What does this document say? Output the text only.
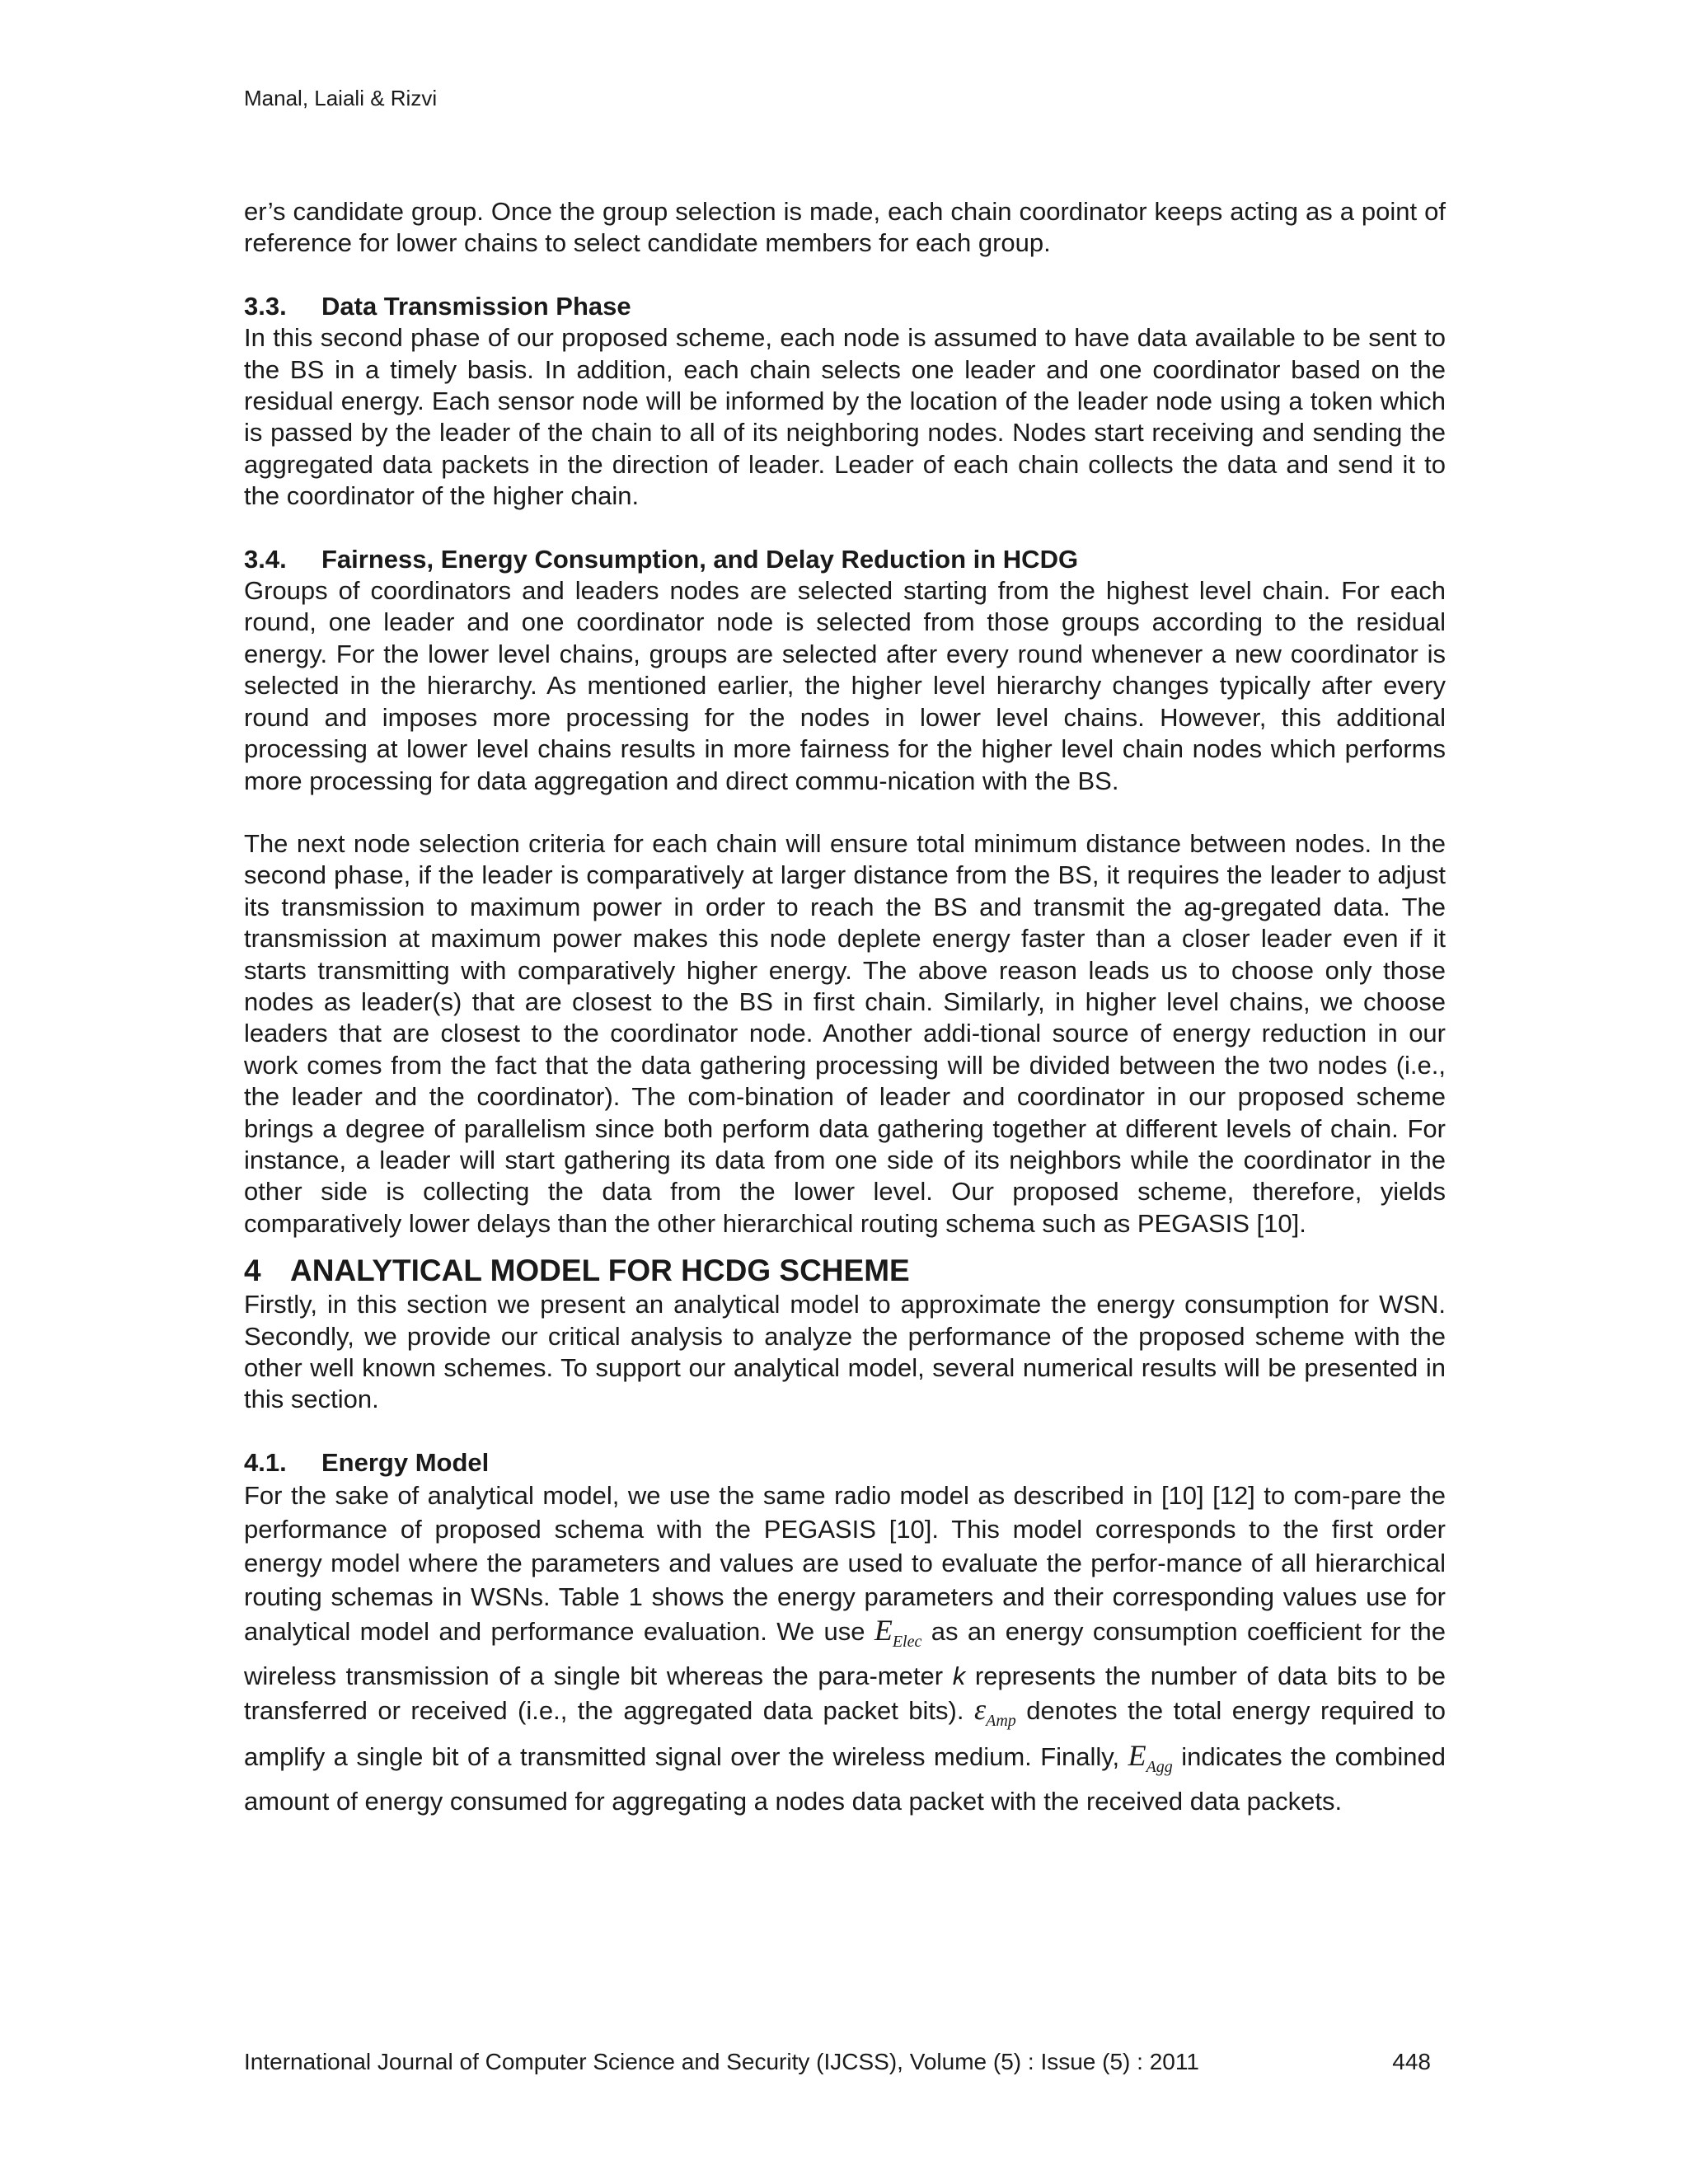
Manal, Laiali & Rizvi

er’s candidate group. Once the group selection is made, each chain coordinator keeps acting as a point of reference for lower chains to select candidate members for each group.

3.3. Data Transmission Phase

In this second phase of our proposed scheme, each node is assumed to have data available to be sent to the BS in a timely basis. In addition, each chain selects one leader and one coordinator based on the residual energy. Each sensor node will be informed by the location of the leader node using a token which is passed by the leader of the chain to all of its neighboring nodes. Nodes start receiving and sending the aggregated data packets in the direction of leader. Leader of each chain collects the data and send it to the coordinator of the higher chain.

3.4. Fairness, Energy Consumption, and Delay Reduction in HCDG

Groups of coordinators and leaders nodes are selected starting from the highest level chain. For each round, one leader and one coordinator node is selected from those groups according to the residual energy. For the lower level chains, groups are selected after every round whenever a new coordinator is selected in the hierarchy. As mentioned earlier, the higher level hierarchy changes typically after every round and imposes more processing for the nodes in lower level chains. However, this additional processing at lower level chains results in more fairness for the higher level chain nodes which performs more processing for data aggregation and direct commu-nication with the BS.

The next node selection criteria for each chain will ensure total minimum distance between nodes. In the second phase, if the leader is comparatively at larger distance from the BS, it requires the leader to adjust its transmission to maximum power in order to reach the BS and transmit the ag-gregated data. The transmission at maximum power makes this node deplete energy faster than a closer leader even if it starts transmitting with comparatively higher energy. The above reason leads us to choose only those nodes as leader(s) that are closest to the BS in first chain. Similarly, in higher level chains, we choose leaders that are closest to the coordinator node. Another addi-tional source of energy reduction in our work comes from the fact that the data gathering processing will be divided between the two nodes (i.e., the leader and the coordinator). The com-bination of leader and coordinator in our proposed scheme brings a degree of parallelism since both perform data gathering together at different levels of chain. For instance, a leader will start gathering its data from one side of its neighbors while the coordinator in the other side is collecting the data from the lower level. Our proposed scheme, therefore, yields comparatively lower delays than the other hierarchical routing schema such as PEGASIS [10].

4 ANALYTICAL MODEL FOR HCDG SCHEME

Firstly, in this section we present an analytical model to approximate the energy consumption for WSN. Secondly, we provide our critical analysis to analyze the performance of the proposed scheme with the other well known schemes. To support our analytical model, several numerical results will be presented in this section.

4.1. Energy Model

For the sake of analytical model, we use the same radio model as described in [10] [12] to com-pare the performance of proposed schema with the PEGASIS [10]. This model corresponds to the first order energy model where the parameters and values are used to evaluate the perfor-mance of all hierarchical routing schemas in WSNs. Table 1 shows the energy parameters and their corresponding values use for analytical model and performance evaluation. We use $E_{Elec}$ as an energy consumption coefficient for the wireless transmission of a single bit whereas the para-meter k represents the number of data bits to be transferred or received (i.e., the aggregated data packet bits). $\varepsilon_{Amp}$ denotes the total energy required to amplify a single bit of a transmitted signal over the wireless medium. Finally, $E_{Agg}$ indicates the combined amount of energy consumed for aggregating a nodes data packet with the received data packets.

International Journal of Computer Science and Security (IJCSS), Volume (5) : Issue (5) : 2011	448
